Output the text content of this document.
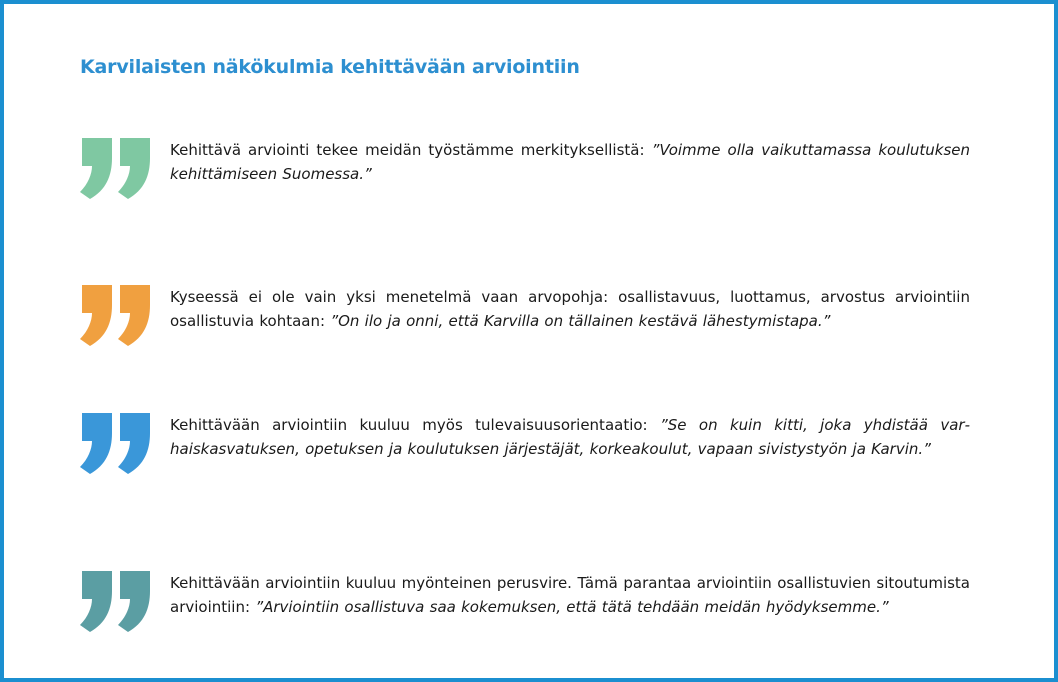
Karvilaisten näkökulmia kehittävään arviointiin

Kehittävä arviointi tekee meidän työstämme merkityksellistä: ”Voimme olla vaikuttamassa koulutuksen kehittämiseen Suomessa.”

Kyseessä ei ole vain yksi menetelmä vaan arvopohja: osallistavuus, luottamus, arvostus arviointiin osallistuvia kohtaan: ”On ilo ja onni, että Karvilla on tällainen kestävä lähestymistapa.”

Kehittävään arviointiin kuuluu myös tulevaisuusorientaatio: ”Se on kuin kitti, joka yhdistää varhaiskasvatuksen, opetuksen ja koulutuksen järjestäjät, korkeakoulut, vapaan sivistystyön ja Karvin.”

Kehittävään arviointiin kuuluu myönteinen perusvire. Tämä parantaa arviointiin osallistuvien sitoutumista arviointiin: ”Arviointiin osallistuva saa kokemuksen, että tätä tehdään meidän hyödyksemme.”
